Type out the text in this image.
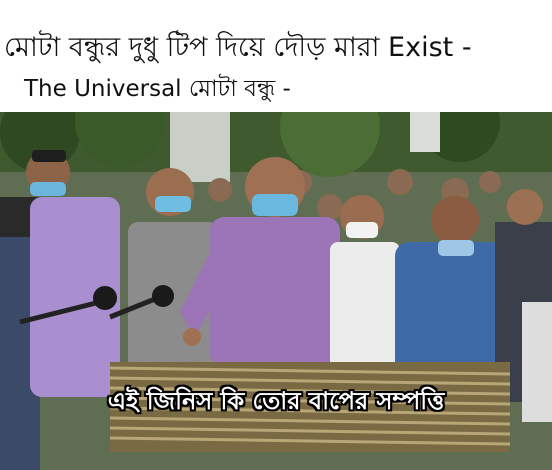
মোটা বন্ধুর দুধু টিপ দিয়ে দৌড় মারা Exist -
The Universal মোটা বন্ধু -
এই জিনিস কি তোর বাপের সম্পত্তি
